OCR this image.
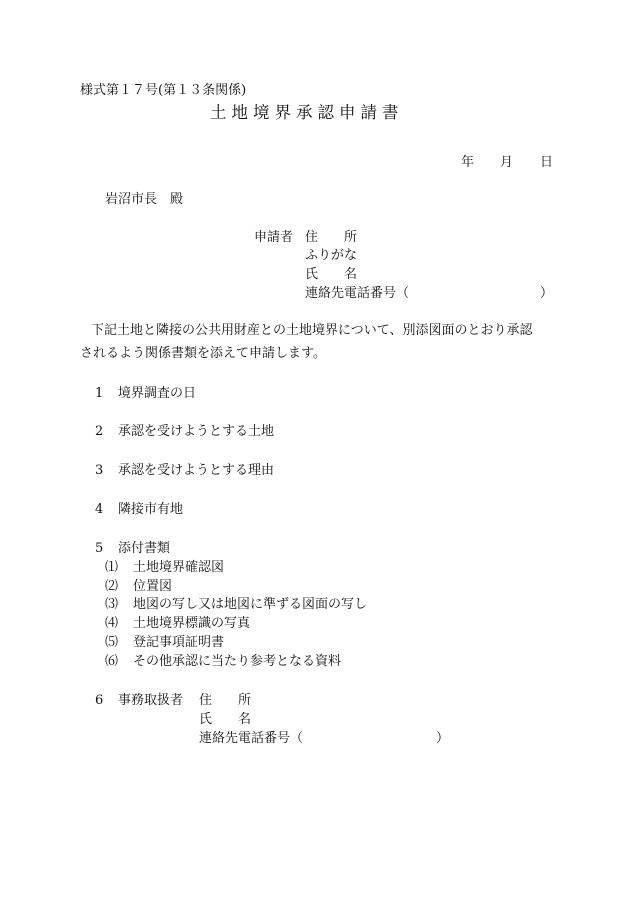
様式第１７号(第１３条関係)
土地境界承認申請書
年 月 日
岩沼市長　殿
申請者 住　　所
ふりがな
氏　　名
連絡先電話番号（	）
下記土地と隣接の公共用財産との土地境界について、別添図面のとおり承認
されるよう関係書類を添えて申請します。
1 境界調査の日
2 承認を受けようとする土地
3 承認を受けようとする理由
4 隣接市有地
5 添付書類
⑴ 土地境界確認図
⑵ 位置図
⑶ 地図の写し又は地図に準ずる図面の写し
⑷ 土地境界標識の写真
⑸ 登記事項証明書
⑹ その他承認に当たり参考となる資料
6 事務取扱者 住　　所
氏　　名
連絡先電話番号（	）
